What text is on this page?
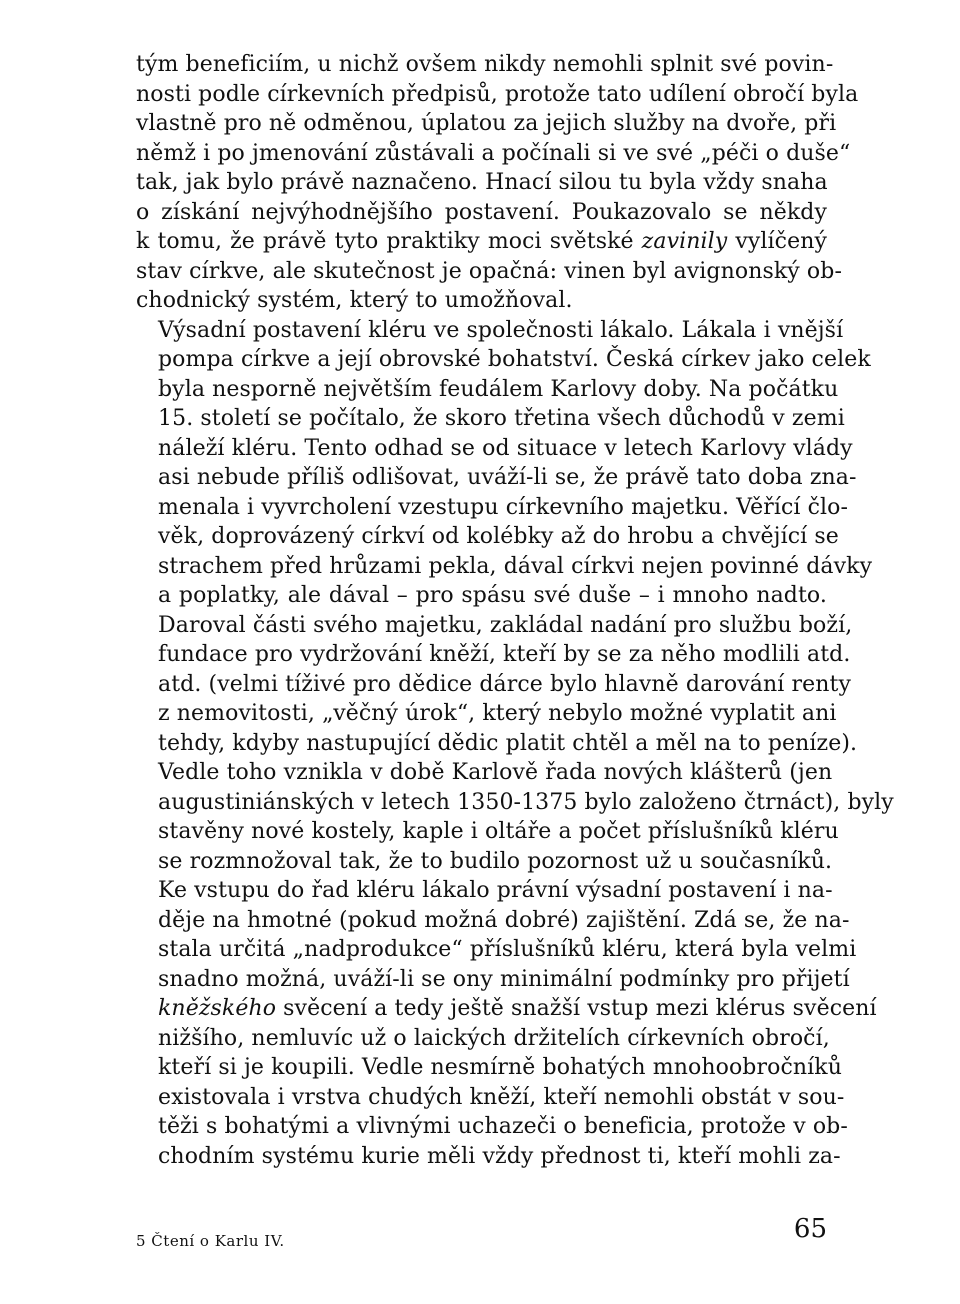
tým beneficiím, u nichž ovšem nikdy nemohli splnit své povin-
nosti podle církevních předpisů, protože tato udílení obročí byla
vlastně pro ně odměnou, úplatou za jejich služby na dvoře, při
němž i po jmenování zůstávali a počínali si ve své „péči o duše“
tak, jak bylo právě naznačeno. Hnací silou tu byla vždy snaha
o získání nejvýhodnějšího postavení. Poukazovalo se někdy
k tomu, že právě tyto praktiky moci světské zavinily vylíčený
stav církve, ale skutečnost je opačná: vinen byl avignonský ob-
chodnický systém, který to umožňoval.
Výsadní postavení kléru ve společnosti lákalo. Lákala i vnější
pompa církve a její obrovské bohatství. Česká církev jako celek
byla nesporně největším feudálem Karlovy doby. Na počátku
15. století se počítalo, že skoro třetina všech důchodů v zemi
náleží kléru. Tento odhad se od situace v letech Karlovy vlády
asi nebude příliš odlišovat, uváží-li se, že právě tato doba zna-
menala i vyvrcholení vzestupu církevního majetku. Věřící člo-
věk, doprovázený církví od kolébky až do hrobu a chvějící se
strachem před hrůzami pekla, dával církvi nejen povinné dávky
a poplatky, ale dával – pro spásu své duše – i mnoho nadto.
Daroval části svého majetku, zakládal nadání pro službu boží,
fundace pro vydržování kněží, kteří by se za něho modlili atd.
atd. (velmi tíživé pro dědice dárce bylo hlavně darování renty
z nemovitosti, „věčný úrok“, který nebylo možné vyplatit ani
tehdy, kdyby nastupující dědic platit chtěl a měl na to peníze).
Vedle toho vznikla v době Karlově řada nových klášterů (jen
augustiniánských v letech 1350-1375 bylo založeno čtrnáct), byly
stavěny nové kostely, kaple i oltáře a počet příslušníků kléru
se rozmnožoval tak, že to budilo pozornost už u současníků.
Ke vstupu do řad kléru lákalo právní výsadní postavení i na-
děje na hmotné (pokud možná dobré) zajištění. Zdá se, že na-
stala určitá „nadprodukce“ příslušníků kléru, která byla velmi
snadno možná, uváží-li se ony minimální podmínky pro přijetí
kněžského svěcení a tedy ještě snažší vstup mezi klérus svěcení
nižšího, nemluvíc už o laických držitelích církevních obročí,
kteří si je koupili. Vedle nesmírně bohatých mnohoobročníků
existovala i vrstva chudých kněží, kteří nemohli obstát v sou-
těži s bohatými a vlivnými uchazeči o beneficia, protože v ob-
chodním systému kurie měli vždy přednost ti, kteří mohli za-
5 Čtení o Karlu IV.	65
